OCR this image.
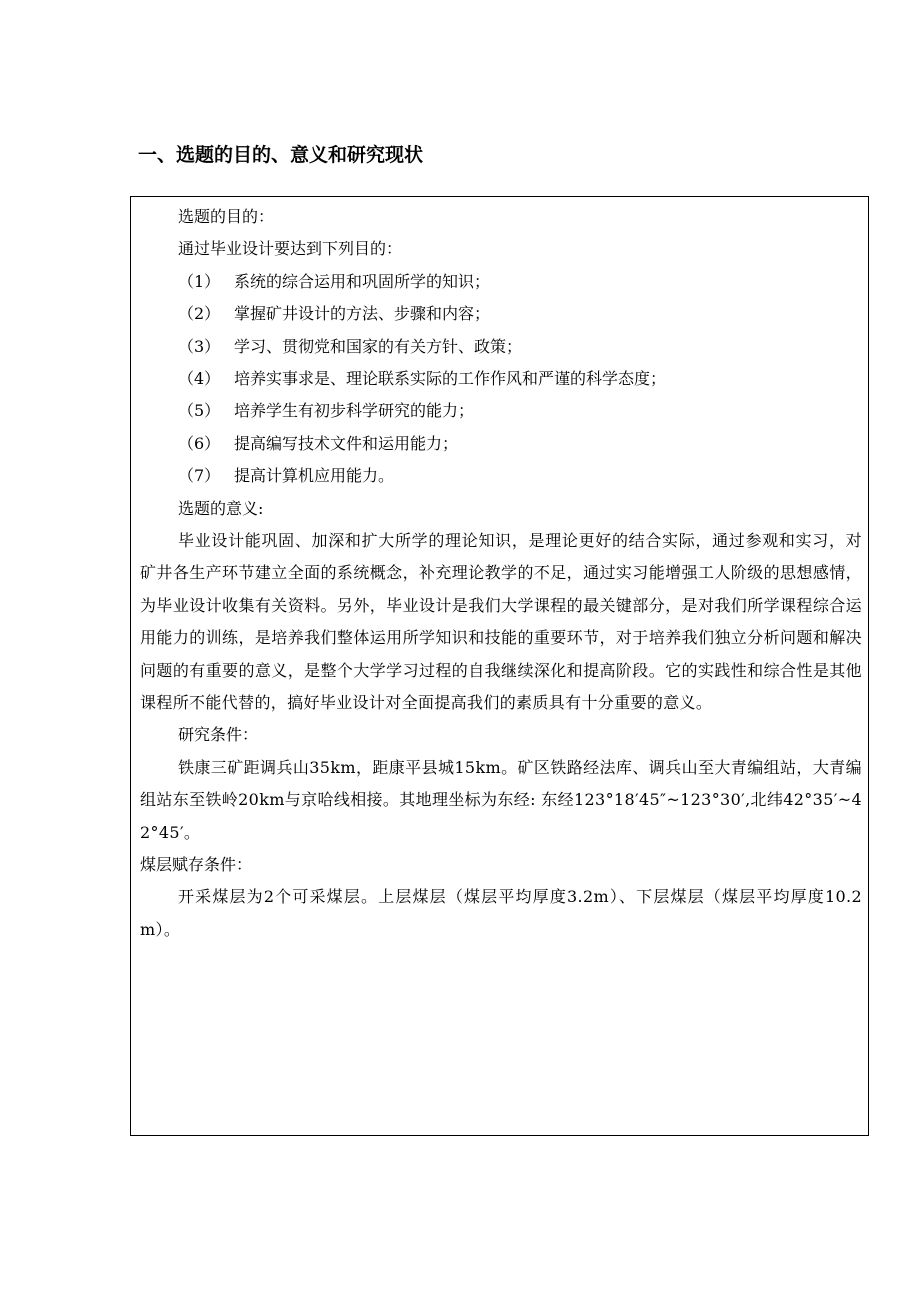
一、选题的目的、意义和研究现状
选题的目的：
通过毕业设计要达到下列目的：
（1） 系统的综合运用和巩固所学的知识；
（2） 掌握矿井设计的方法、步骤和内容；
（3） 学习、贯彻党和国家的有关方针、政策；
（4） 培养实事求是、理论联系实际的工作作风和严谨的科学态度；
（5） 培养学生有初步科学研究的能力；
（6） 提高编写技术文件和运用能力；
（7） 提高计算机应用能力。
选题的意义:

毕业设计能巩固、加深和扩大所学的理论知识，是理论更好的结合实际，通过参观和实习，对矿井各生产环节建立全面的系统概念，补充理论教学的不足，通过实习能增强工人阶级的思想感情，为毕业设计收集有关资料。另外，毕业设计是我们大学课程的最关键部分，是对我们所学课程综合运用能力的训练，是培养我们整体运用所学知识和技能的重要环节，对于培养我们独立分析问题和解决问题的有重要的意义，是整个大学学习过程的自我继续深化和提高阶段。它的实践性和综合性是其他课程所不能代替的，搞好毕业设计对全面提高我们的素质具有十分重要的意义。

研究条件：

铁康三矿距调兵山35km，距康平县城15km。矿区铁路经法库、调兵山至大青编组站，大青编组站东至铁岭20km与京哈线相接。其地理坐标为东经: 东经123°18′45″~123°30′,北纬42°35′~42°45′。

煤层赋存条件：

开采煤层为2个可采煤层。上层煤层（煤层平均厚度3.2m）、下层煤层（煤层平均厚度10.2m）。
